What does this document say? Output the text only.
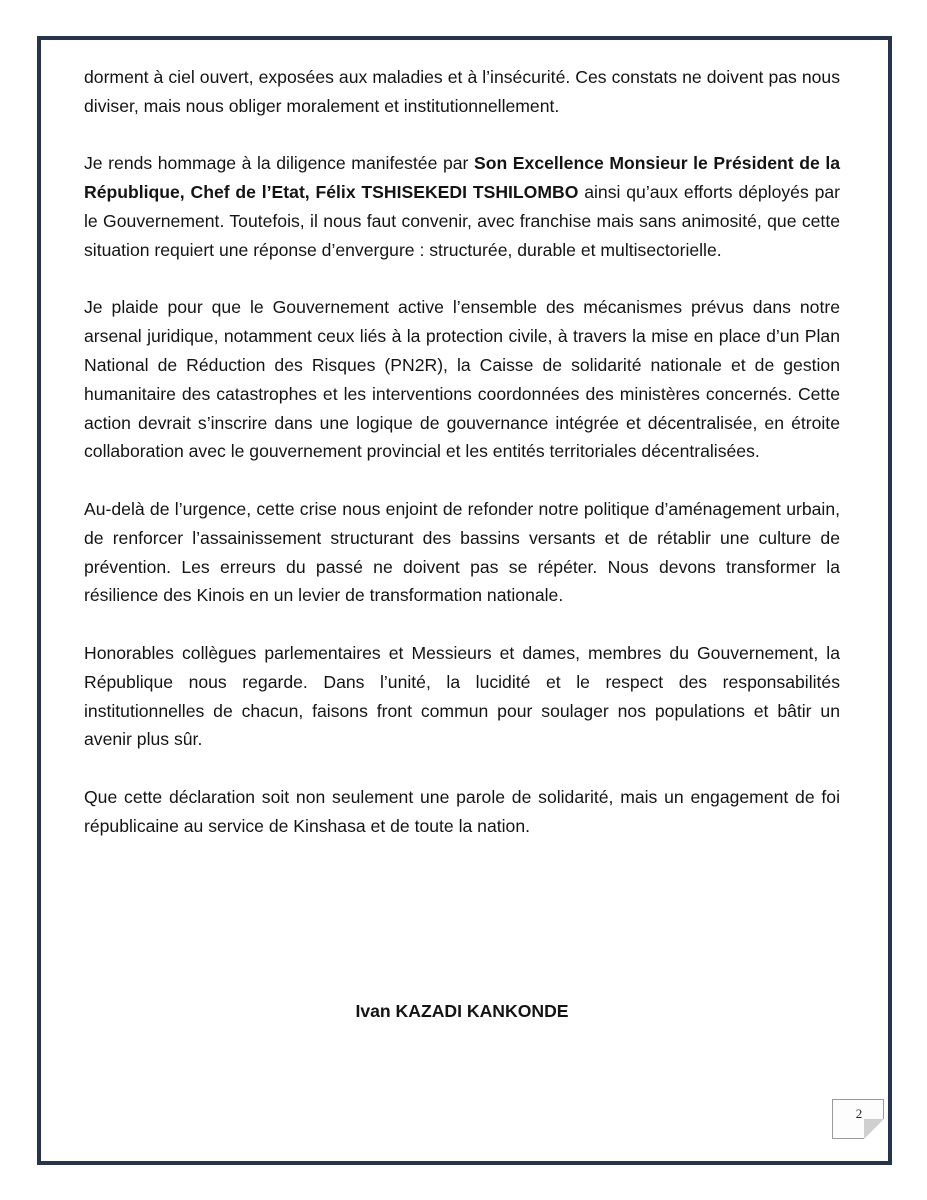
dorment à ciel ouvert, exposées aux maladies et à l’insécurité. Ces constats ne doivent pas nous diviser, mais nous obliger moralement et institutionnellement.

Je rends hommage à la diligence manifestée par Son Excellence Monsieur le Président de la République, Chef de l’Etat, Félix TSHISEKEDI TSHILOMBO ainsi qu’aux efforts déployés par le Gouvernement. Toutefois, il nous faut convenir, avec franchise mais sans animosité, que cette situation requiert une réponse d’envergure : structurée, durable et multisectorielle.

Je plaide pour que le Gouvernement active l’ensemble des mécanismes prévus dans notre arsenal juridique, notamment ceux liés à la protection civile, à travers la mise en place d’un Plan National de Réduction des Risques (PN2R), la Caisse de solidarité nationale et de gestion humanitaire des catastrophes et les interventions coordonnées des ministères concernés. Cette action devrait s’inscrire dans une logique de gouvernance intégrée et décentralisée, en étroite collaboration avec le gouvernement provincial et les entités territoriales décentralisées.

Au-delà de l’urgence, cette crise nous enjoint de refonder notre politique d’aménagement urbain, de renforcer l’assainissement structurant des bassins versants et de rétablir une culture de prévention. Les erreurs du passé ne doivent pas se répéter. Nous devons transformer la résilience des Kinois en un levier de transformation nationale.

Honorables collègues parlementaires et Messieurs et dames, membres du Gouvernement, la République nous regarde. Dans l’unité, la lucidité et le respect des responsabilités institutionnelles de chacun, faisons front commun pour soulager nos populations et bâtir un avenir plus sûr.

Que cette déclaration soit non seulement une parole de solidarité, mais un engagement de foi républicaine au service de Kinshasa et de toute la nation.

Ivan KAZADI KANKONDE
2
